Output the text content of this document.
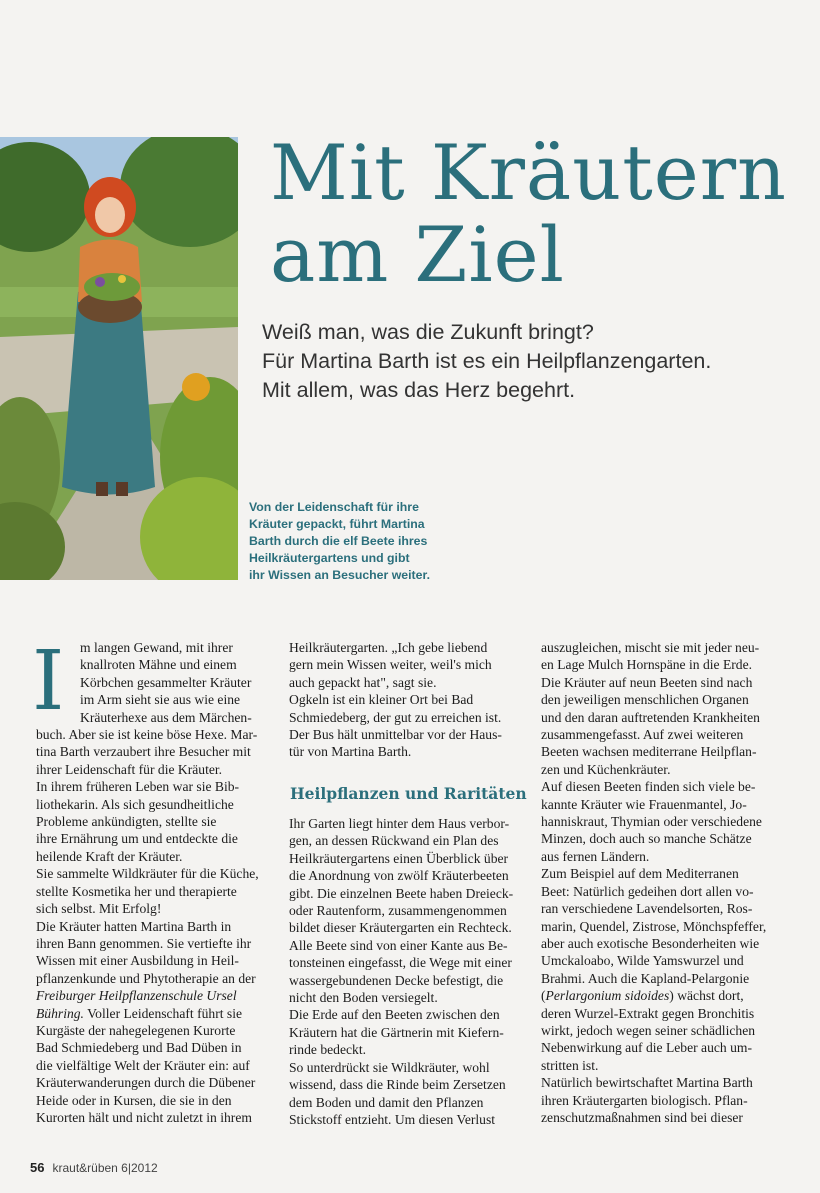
Mit Kräutern
am Ziel
Weiß man, was die Zukunft bringt?
Für Martina Barth ist es ein Heilpflanzengarten.
Mit allem, was das Herz begehrt.
Von der Leidenschaft für ihre
Kräuter gepackt, führt Martina
Barth durch die elf Beete ihres
Heilkräutergartens und gibt
ihr Wissen an Besucher weiter.
I	m langen Gewand, mit ihrer
knallroten Mähne und einem
Körbchen gesammelter Kräuter
im Arm sieht sie aus wie eine
Kräuterhexe aus dem Märchen-
buch. Aber sie ist keine böse Hexe. Mar-
tina Barth verzaubert ihre Besucher mit
ihrer Leidenschaft für die Kräuter.
In ihrem früheren Leben war sie Bib-
liothekarin. Als sich gesundheitliche
Probleme ankündigten, stellte sie
ihre Ernährung um und entdeckte die
heilende Kraft der Kräuter.
Sie sammelte Wildkräuter für die Küche,
stellte Kosmetika her und therapierte
sich selbst. Mit Erfolg!
Die Kräuter hatten Martina Barth in
ihren Bann genommen. Sie vertiefte ihr
Wissen mit einer Ausbildung in Heil-
pflanzenkunde und Phytotherapie an der
Freiburger Heilpflanzenschule Ursel
Bühring. Voller Leidenschaft führt sie
Kurgäste der nahegelegenen Kurorte
Bad Schmiedeberg und Bad Düben in
die vielfältige Welt der Kräuter ein: auf
Kräuterwanderungen durch die Dübener
Heide oder in Kursen, die sie in den
Kurorten hält und nicht zuletzt in ihrem
Heilkräutergarten. „Ich gebe liebend
gern mein Wissen weiter, weil's mich
auch gepackt hat", sagt sie.
Ogkeln ist ein kleiner Ort bei Bad
Schmiedeberg, der gut zu erreichen ist.
Der Bus hält unmittelbar vor der Haus-
tür von Martina Barth.
Heilpflanzen und Raritäten
Ihr Garten liegt hinter dem Haus verbor-
gen, an dessen Rückwand ein Plan des
Heilkräutergartens einen Überblick über
die Anordnung von zwölf Kräuterbeeten
gibt. Die einzelnen Beete haben Dreieck-
oder Rautenform, zusammengenommen
bildet dieser Kräutergarten ein Rechteck.
Alle Beete sind von einer Kante aus Be-
tonsteinen eingefasst, die Wege mit einer
wassergebundenen Decke befestigt, die
nicht den Boden versiegelt.
Die Erde auf den Beeten zwischen den
Kräutern hat die Gärtnerin mit Kiefern-
rinde bedeckt.
So unterdrückt sie Wildkräuter, wohl
wissend, dass die Rinde beim Zersetzen
dem Boden und damit den Pflanzen
Stickstoff entzieht. Um diesen Verlust
auszugleichen, mischt sie mit jeder neu-
en Lage Mulch Hornspäne in die Erde.
Die Kräuter auf neun Beeten sind nach
den jeweiligen menschlichen Organen
und den daran auftretenden Krankheiten
zusammengefasst. Auf zwei weiteren
Beeten wachsen mediterrane Heilpflan-
zen und Küchenkräuter.
Auf diesen Beeten finden sich viele be-
kannte Kräuter wie Frauenmantel, Jo-
hanniskraut, Thymian oder verschiedene
Minzen, doch auch so manche Schätze
aus fernen Ländern.
Zum Beispiel auf dem Mediterranen
Beet: Natürlich gedeihen dort allen vo-
ran verschiedene Lavendelsorten, Ros-
marin, Quendel, Zistrose, Mönchspfeffer,
aber auch exotische Besonderheiten wie
Umckaloabo, Wilde Yamswurzel und
Brahmi. Auch die Kapland-Pelargonie
(Perlargonium sidoides) wächst dort,
deren Wurzel-Extrakt gegen Bronchitis
wirkt, jedoch wegen seiner schädlichen
Nebenwirkung auf die Leber auch um-
stritten ist.
Natürlich bewirtschaftet Martina Barth
ihren Kräutergarten biologisch. Pflan-
zenschutzmaßnahmen sind bei dieser
56 kraut&rüben 6|2012
